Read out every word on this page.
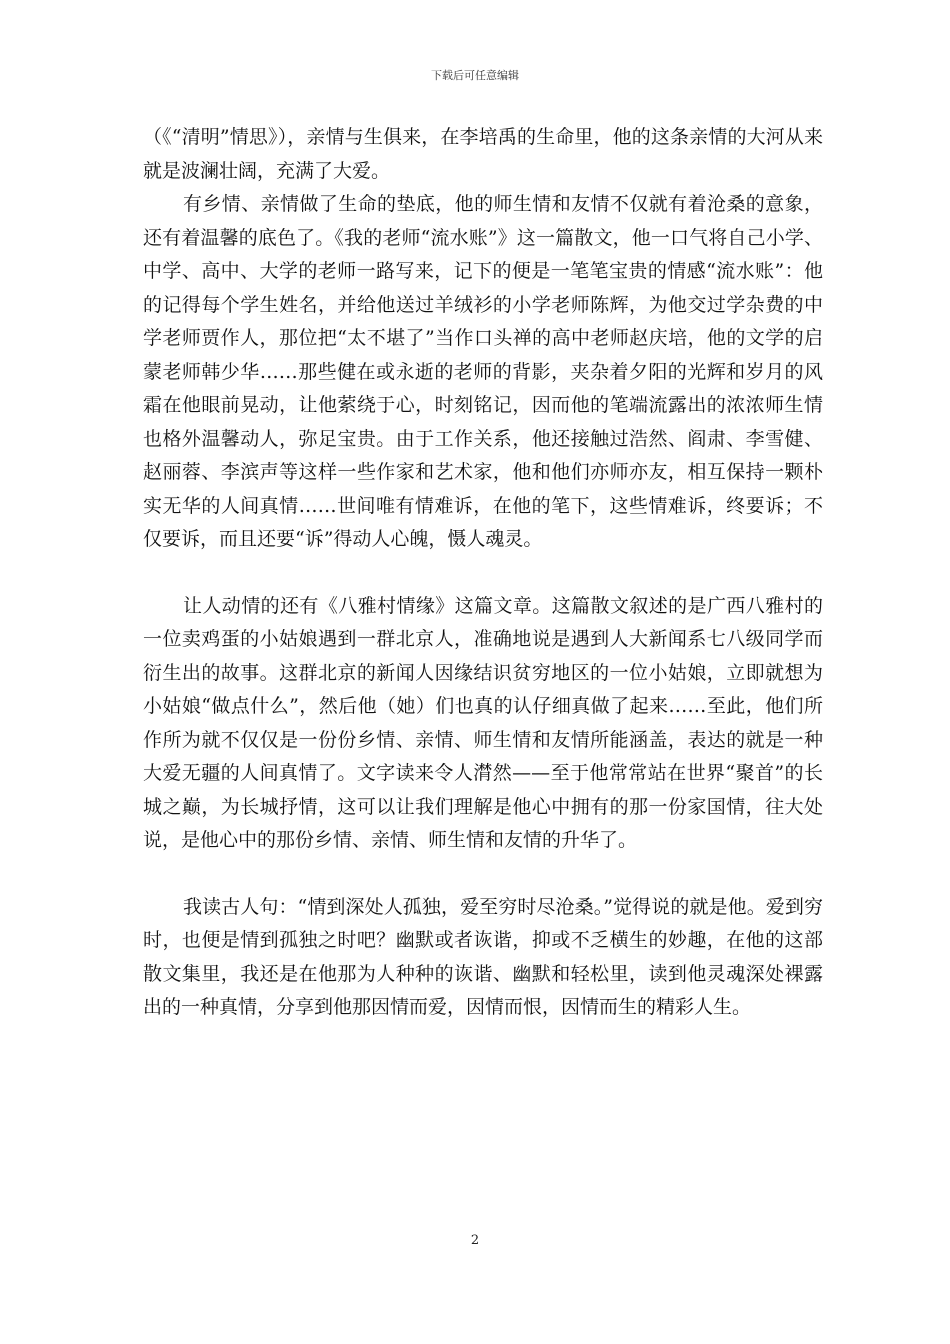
下载后可任意编辑

（《“清明”情思》），亲情与生俱来，在李培禹的生命里，他的这条亲情的大河从来就是波澜壮阔，充满了大爱。

有乡情、亲情做了生命的垫底，他的师生情和友情不仅就有着沧桑的意象，还有着温馨的底色了。《我的老师“流水账”》这一篇散文，他一口气将自己小学、中学、高中、大学的老师一路写来，记下的便是一笔笔宝贵的情感“流水账”：他的记得每个学生姓名，并给他送过羊绒衫的小学老师陈辉，为他交过学杂费的中学老师贾作人，那位把“太不堪了”当作口头禅的高中老师赵庆培，他的文学的启蒙老师韩少华……那些健在或永逝的老师的背影，夹杂着夕阳的光辉和岁月的风霜在他眼前晃动，让他萦绕于心，时刻铭记，因而他的笔端流露出的浓浓师生情也格外温馨动人，弥足宝贵。由于工作关系，他还接触过浩然、阎肃、李雪健、赵丽蓉、李滨声等这样一些作家和艺术家，他和他们亦师亦友，相互保持一颗朴实无华的人间真情……世间唯有情难诉，在他的笔下，这些情难诉，终要诉；不仅要诉，而且还要“诉”得动人心魄，慑人魂灵。

让人动情的还有《八雅村情缘》这篇文章。这篇散文叙述的是广西八雅村的一位卖鸡蛋的小姑娘遇到一群北京人，准确地说是遇到人大新闻系七八级同学而衍生出的故事。这群北京的新闻人因缘结识贫穷地区的一位小姑娘，立即就想为小姑娘“做点什么”，然后他（她）们也真的认仔细真做了起来……至此，他们所作所为就不仅仅是一份份乡情、亲情、师生情和友情所能涵盖，表达的就是一种大爱无疆的人间真情了。文字读来令人潸然——至于他常常站在世界“聚首”的长城之巅，为长城抒情，这可以让我们理解是他心中拥有的那一份家国情，往大处说，是他心中的那份乡情、亲情、师生情和友情的升华了。

我读古人句：“情到深处人孤独，爱至穷时尽沧桑。”觉得说的就是他。爱到穷时，也便是情到孤独之时吧？幽默或者诙谐，抑或不乏横生的妙趣，在他的这部散文集里，我还是在他那为人种种的诙谐、幽默和轻松里，读到他灵魂深处裸露出的一种真情，分享到他那因情而爱，因情而恨，因情而生的精彩人生。

2
